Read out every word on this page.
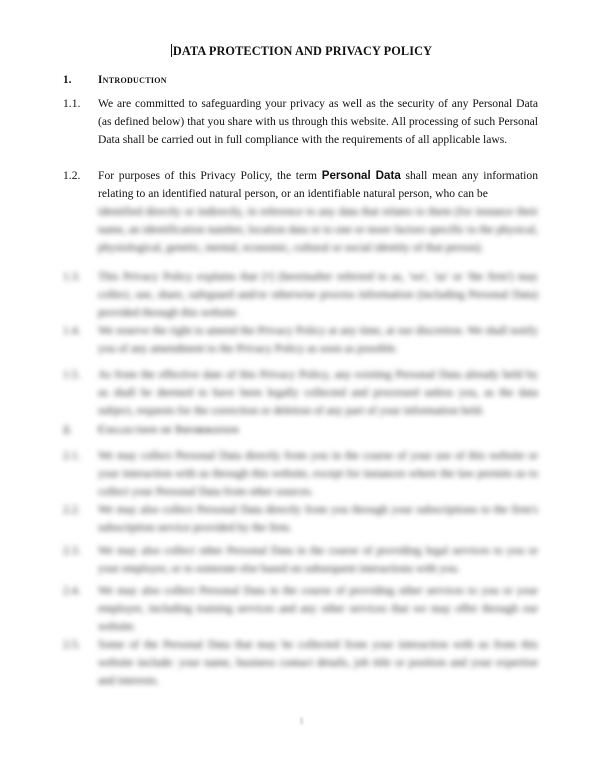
DATA PROTECTION AND PRIVACY POLICY
1. Introduction
1.1.	We are committed to safeguarding your privacy as well as the security of any Personal Data (as defined below) that you share with us through this website. All processing of such Personal Data shall be carried out in full compliance with the requirements of all applicable laws.
1.2.	For purposes of this Privacy Policy, the term Personal Data shall mean any information relating to an identified natural person, or an identifiable natural person, who can be
identified directly or indirectly, in reference to any data that relates to them (for instance their name, an identification number, location data or to one or more factors specific to the physical, physiological, genetic, mental, economic, cultural or social identity of that person).
1.3.	This Privacy Policy explains that [•] (hereinafter referred to as, 'we', 'us' or 'the firm') may collect, use, share, safeguard and/or otherwise process information (including Personal Data) provided through this website.
1.4.	We reserve the right to amend the Privacy Policy at any time, at our discretion. We shall notify you of any amendment to the Privacy Policy as soon as possible.
1.5.	As from the effective date of this Privacy Policy, any existing Personal Data already held by us shall be deemed to have been legally collected and processed unless you, as the data subject, requests for the correction or deletion of any part of your information held.
2. Collection of Information
2.1.	We may collect Personal Data directly from you in the course of your use of this website or your interaction with us through this website, except for instances where the law permits us to collect your Personal Data from other sources.
2.2.	We may also collect Personal Data directly from you through your subscriptions to the firm's subscription service provided by the firm.
2.3.	We may also collect other Personal Data in the course of providing legal services to you or your employer, or to someone else based on subsequent interactions with you.
2.4.	We may also collect Personal Data in the course of providing other services to you or your employer, including training services and any other services that we may offer through our website.
2.5.	Some of the Personal Data that may be collected from your interaction with us from this website include: your name, business contact details, job title or position and your expertise and interests.
1
